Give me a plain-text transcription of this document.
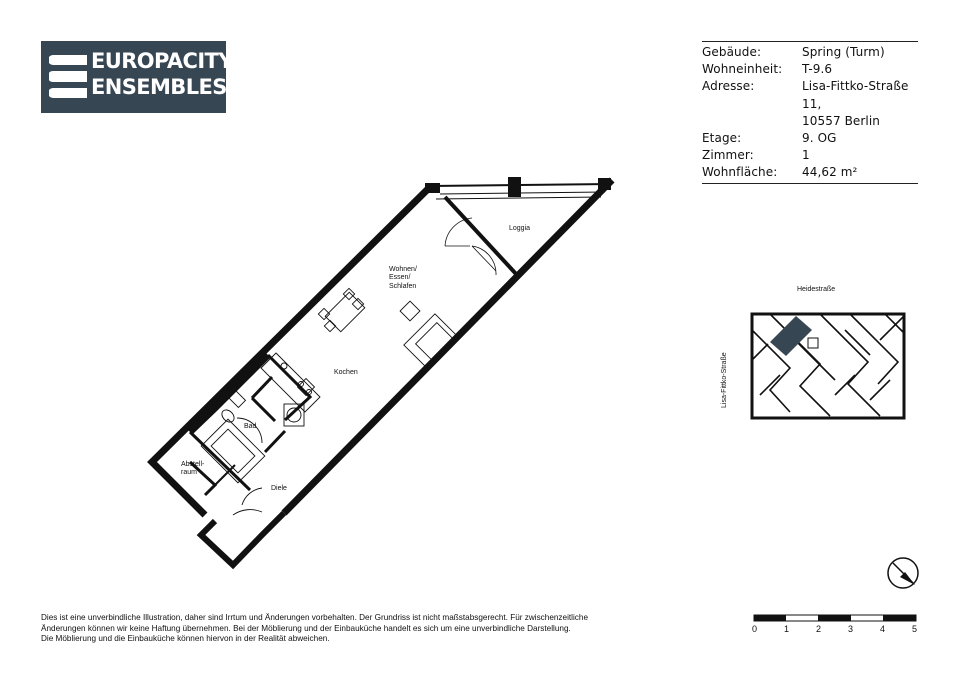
EUROPACITY
ENSEMBLES
Gebäude:	Spring (Turm)
Wohneinheit:	T-9.6
Adresse:	Lisa-Fittko-Straße 11,
10557 Berlin
Etage:	9. OG
Zimmer:	1
Wohnfläche:	44,62 m²
Loggia
Wohnen/
Essen/
Schlafen
Kochen
Bad
Abstell-
raum
Diele
Heidestraße
Lisa-Fittko-Straße
0	1	2	3	4	5
Dies ist eine unverbindliche Illustration, daher sind Irrtum und Änderungen vorbehalten. Der Grundriss ist nicht maßstabsgerecht. Für zwischenzeitliche
Änderungen können wir keine Haftung übernehmen. Bei der Möblierung und der Einbauküche handelt es sich um eine unverbindliche Darstellung.
Die Möblierung und die Einbauküche können hiervon in der Realität abweichen.
